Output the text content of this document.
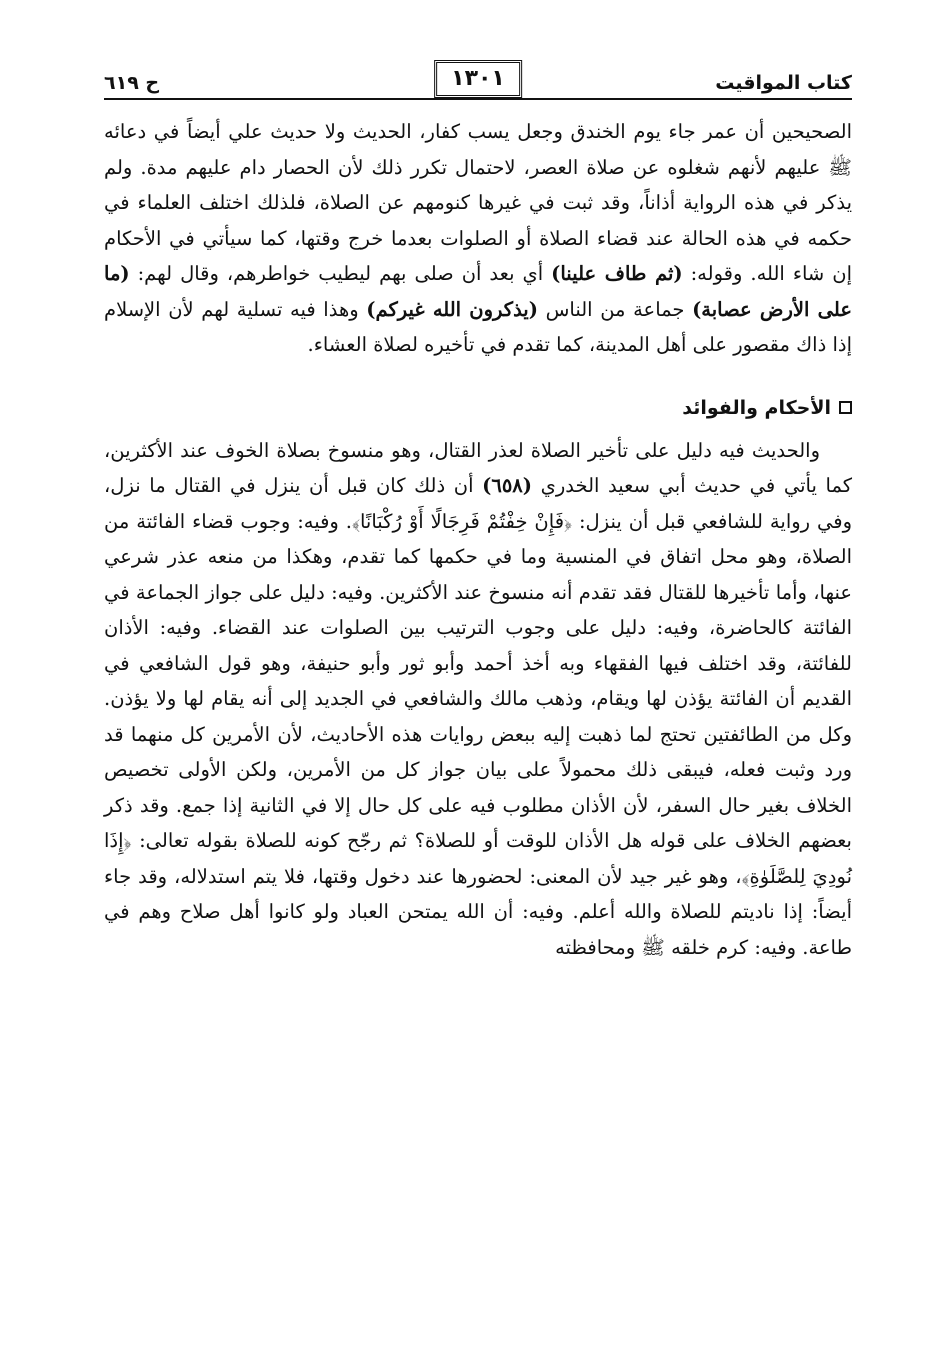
كتاب المواقيت
١٣٠١
ح ٦١٩

الصحيحين أن عمر جاء يوم الخندق وجعل يسب كفار، الحديث ولا حديث علي أيضاً في دعائه ﷺ عليهم لأنهم شغلوه عن صلاة العصر، لاحتمال تكرر ذلك لأن الحصار دام عليهم مدة. ولم يذكر في هذه الرواية أذاناً، وقد ثبت في غيرها كنومهم عن الصلاة، فلذلك اختلف العلماء في حكمه في هذه الحالة عند قضاء الصلاة أو الصلوات بعدما خرج وقتها، كما سيأتي في الأحكام إن شاء الله. وقوله: (ثم طاف علينا) أي بعد أن صلى بهم ليطيب خواطرهم، وقال لهم: (ما على الأرض عصابة) جماعة من الناس (يذكرون الله غيركم) وهذا فيه تسلية لهم لأن الإسلام إذا ذاك مقصور على أهل المدينة، كما تقدم في تأخيره لصلاة العشاء.

الأحكام والفوائد

والحديث فيه دليل على تأخير الصلاة لعذر القتال، وهو منسوخ بصلاة الخوف عند الأكثرين، كما يأتي في حديث أبي سعيد الخدري (٦٥٨) أن ذلك كان قبل أن ينزل في القتال ما نزل، وفي رواية للشافعي قبل أن ينزل: ﴿فَإِنْ خِفْتُمْ فَرِجَالًا أَوْ رُكْبَانًا﴾. وفيه: وجوب قضاء الفائتة من الصلاة، وهو محل اتفاق في المنسية وما في حكمها كما تقدم، وهكذا من منعه عذر شرعي عنها، وأما تأخيرها للقتال فقد تقدم أنه منسوخ عند الأكثرين. وفيه: دليل على جواز الجماعة في الفائتة كالحاضرة، وفيه: دليل على وجوب الترتيب بين الصلوات عند القضاء. وفيه: الأذان للفائتة، وقد اختلف فيها الفقهاء وبه أخذ أحمد وأبو ثور وأبو حنيفة، وهو قول الشافعي في القديم أن الفائتة يؤذن لها ويقام، وذهب مالك والشافعي في الجديد إلى أنه يقام لها ولا يؤذن. وكل من الطائفتين تحتج لما ذهبت إليه ببعض روايات هذه الأحاديث، لأن الأمرين كل منهما قد ورد وثبت فعله، فيبقى ذلك محمولاً على بيان جواز كل من الأمرين، ولكن الأولى تخصيص الخلاف بغير حال السفر، لأن الأذان مطلوب فيه على كل حال إلا في الثانية إذا جمع. وقد ذكر بعضهم الخلاف على قوله هل الأذان للوقت أو للصلاة؟ ثم رجّح كونه للصلاة بقوله تعالى: ﴿إِذَا نُودِيَ لِلصَّلَوٰةِ﴾، وهو غير جيد لأن المعنى: لحضورها عند دخول وقتها، فلا يتم استدلاله، وقد جاء أيضاً: إذا ناديتم للصلاة والله أعلم. وفيه: أن الله يمتحن العباد ولو كانوا أهل صلاح وهم في طاعة. وفيه: كرم خلقه ﷺ ومحافظته
